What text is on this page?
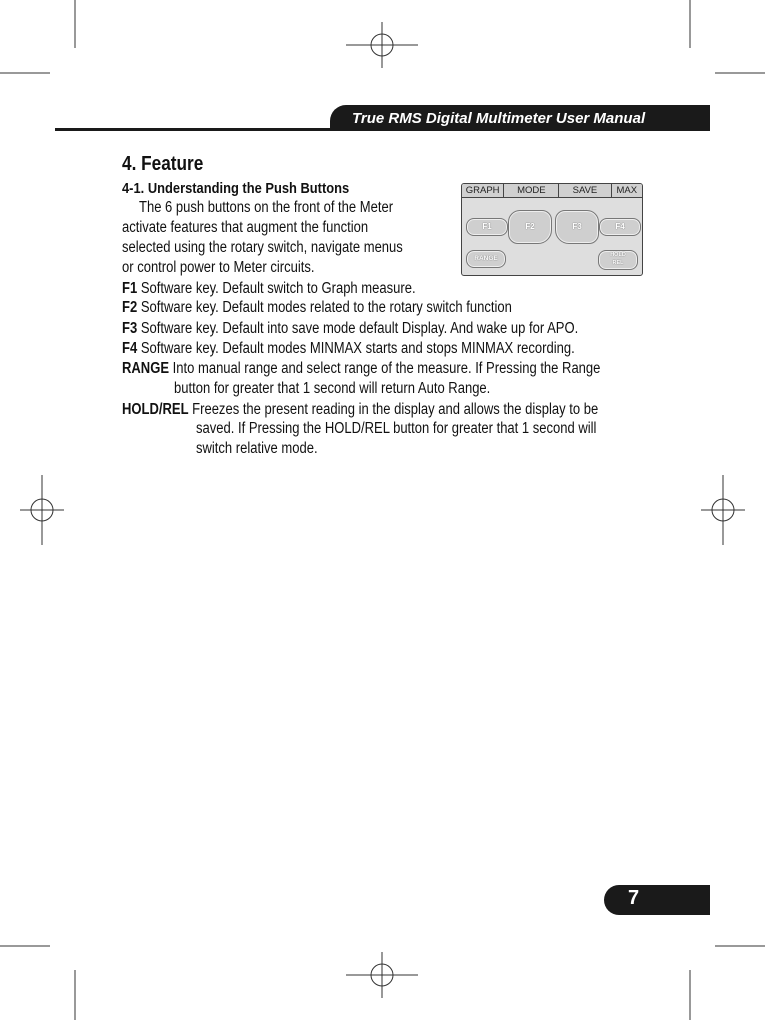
True RMS Digital Multimeter User Manual
4. Feature
4-1. Understanding the Push Buttons
The 6 push buttons on the front of the Meter
activate features that augment the function
selected using the rotary switch, navigate menus
or control power to Meter circuits.
F1 Software key. Default switch to Graph measure.
F2 Software key. Default modes related to the rotary switch function
F3 Software key. Default into save mode default Display. And wake up for APO.
F4 Software key. Default modes MINMAX starts and stops MINMAX recording.
RANGE Into manual range and select range of the measure. If Pressing the Range
button for greater that 1 second will return Auto Range.
HOLD/REL Freezes the present reading in the display and allows the display to be
saved. If Pressing the HOLD/REL button for greater that 1 second will
switch relative mode.
GRAPH	MODE	SAVE	MAX
F1	F2	F3	F4
RANGE	HOLD
REL
7
